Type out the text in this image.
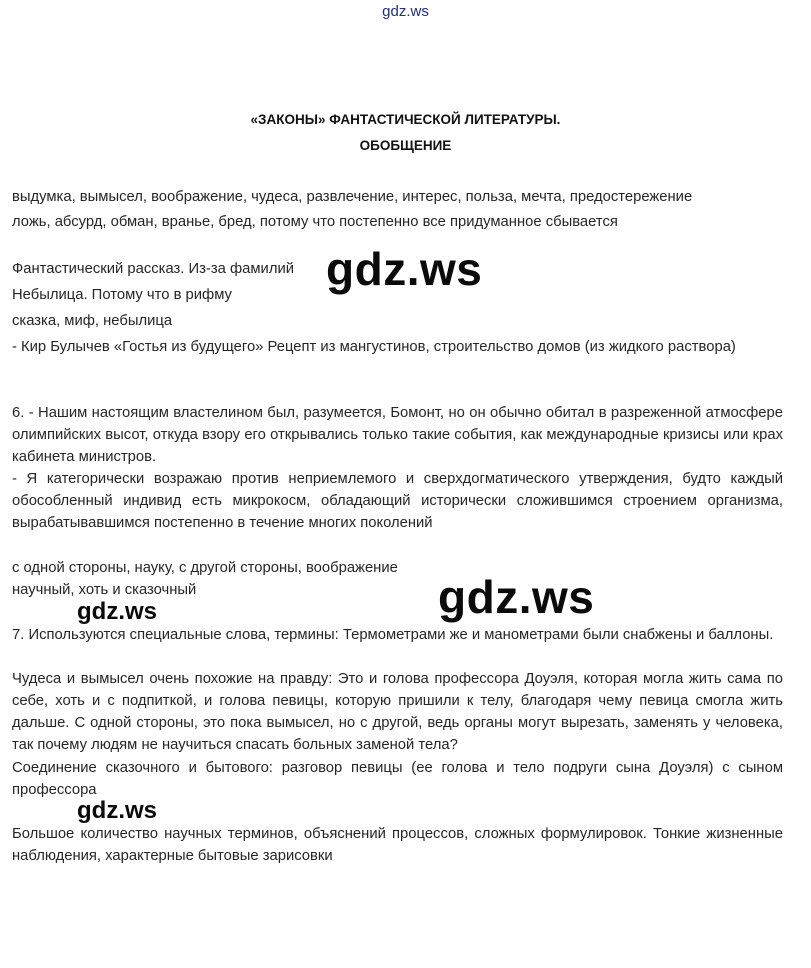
gdz.ws
«ЗАКОНЫ» ФАНТАСТИЧЕСКОЙ ЛИТЕРАТУРЫ.
ОБОБЩЕНИЕ
выдумка, вымысел, воображение, чудеса, развлечение, интерес, польза, мечта, предостережение
ложь, абсурд, обман, вранье, бред, потому что постепенно все придуманное сбывается
Фантастический рассказ. Из-за фамилий
Небылица. Потому что в рифму
сказка, миф, небылица
- Кир Булычев «Гостья из будущего» Рецепт из мангустинов, строительство домов (из жидкого раствора)
6. - Нашим настоящим властелином был, разумеется, Бомонт, но он обычно обитал в разреженной атмосфере олимпийских высот, откуда взору его открывались только такие события, как международные кризисы или крах кабинета министров.
- Я категорически возражаю против неприемлемого и сверхдогматического утверждения, будто каждый обособленный индивид есть микрокосм, обладающий исторически сложившимся строением организма, вырабатывавшимся постепенно в течение многих поколений
с одной стороны, науку, с другой стороны, воображение
научный, хоть и сказочный
7. Используются специальные слова, термины: Термометрами же и манометрами были снабжены и баллоны.
Чудеса и вымысел очень похожие на правду: Это и голова профессора Доуэля, которая могла жить сама по себе, хоть и с подпиткой, и голова певицы, которую пришили к телу, благодаря чему певица смогла жить дальше. С одной стороны, это пока вымысел, но с другой, ведь органы могут вырезать, заменять у человека, так почему людям не научиться спасать больных заменой тела?
Соединение сказочного и бытового: разговор певицы (ее голова и тело подруги сына Доуэля) с сыном профессора
Большое количество научных терминов, объяснений процессов, сложных формулировок. Тонкие жизненные наблюдения, характерные бытовые зарисовки
gdz.ws
gdz.ws
gdz.ws
gdz.ws
